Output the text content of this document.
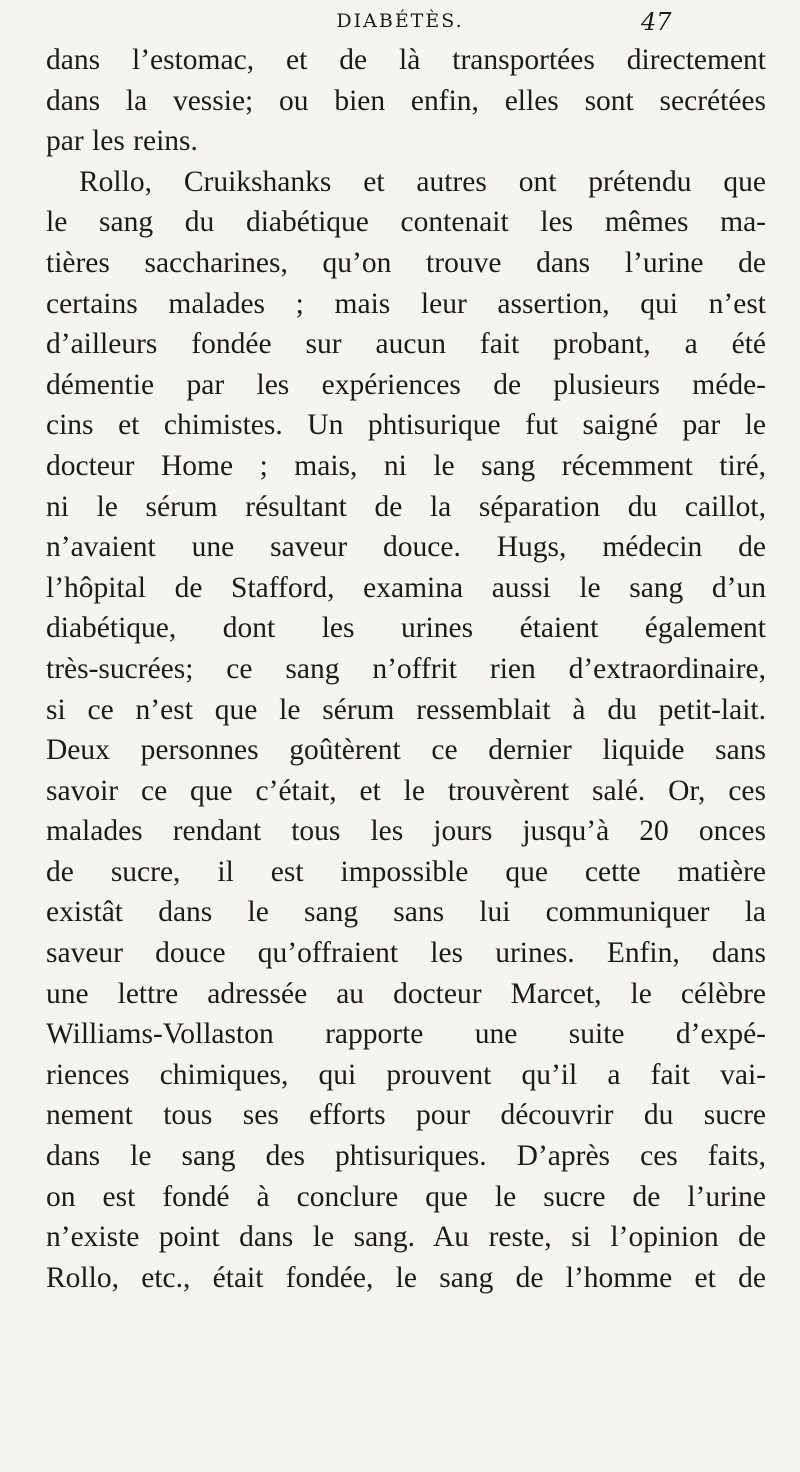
DIABÉTÈS.	47
dans l’estomac, et de là transportées directement
dans la vessie; ou bien enfin, elles sont secrétées
par les reins.
Rollo, Cruikshanks et autres ont prétendu que
le sang du diabétique contenait les mêmes ma-
tières saccharines, qu’on trouve dans l’urine de
certains malades ; mais leur assertion, qui n’est
d’ailleurs fondée sur aucun fait probant, a été
démentie par les expériences de plusieurs méde-
cins et chimistes. Un phtisurique fut saigné par le
docteur Home ; mais, ni le sang récemment tiré,
ni le sérum résultant de la séparation du caillot,
n’avaient une saveur douce. Hugs, médecin de
l’hôpital de Stafford, examina aussi le sang d’un
diabétique, dont les urines étaient également
très-sucrées; ce sang n’offrit rien d’extraordinaire,
si ce n’est que le sérum ressemblait à du petit-lait.
Deux personnes goûtèrent ce dernier liquide sans
savoir ce que c’était, et le trouvèrent salé. Or, ces
malades rendant tous les jours jusqu’à 20 onces
de sucre, il est impossible que cette matière
existât dans le sang sans lui communiquer la
saveur douce qu’offraient les urines. Enfin, dans
une lettre adressée au docteur Marcet, le célèbre
Williams-Vollaston rapporte une suite d’expé-
riences chimiques, qui prouvent qu’il a fait vai-
nement tous ses efforts pour découvrir du sucre
dans le sang des phtisuriques. D’après ces faits,
on est fondé à conclure que le sucre de l’urine
n’existe point dans le sang. Au reste, si l’opinion de
Rollo, etc., était fondée, le sang de l’homme et de
